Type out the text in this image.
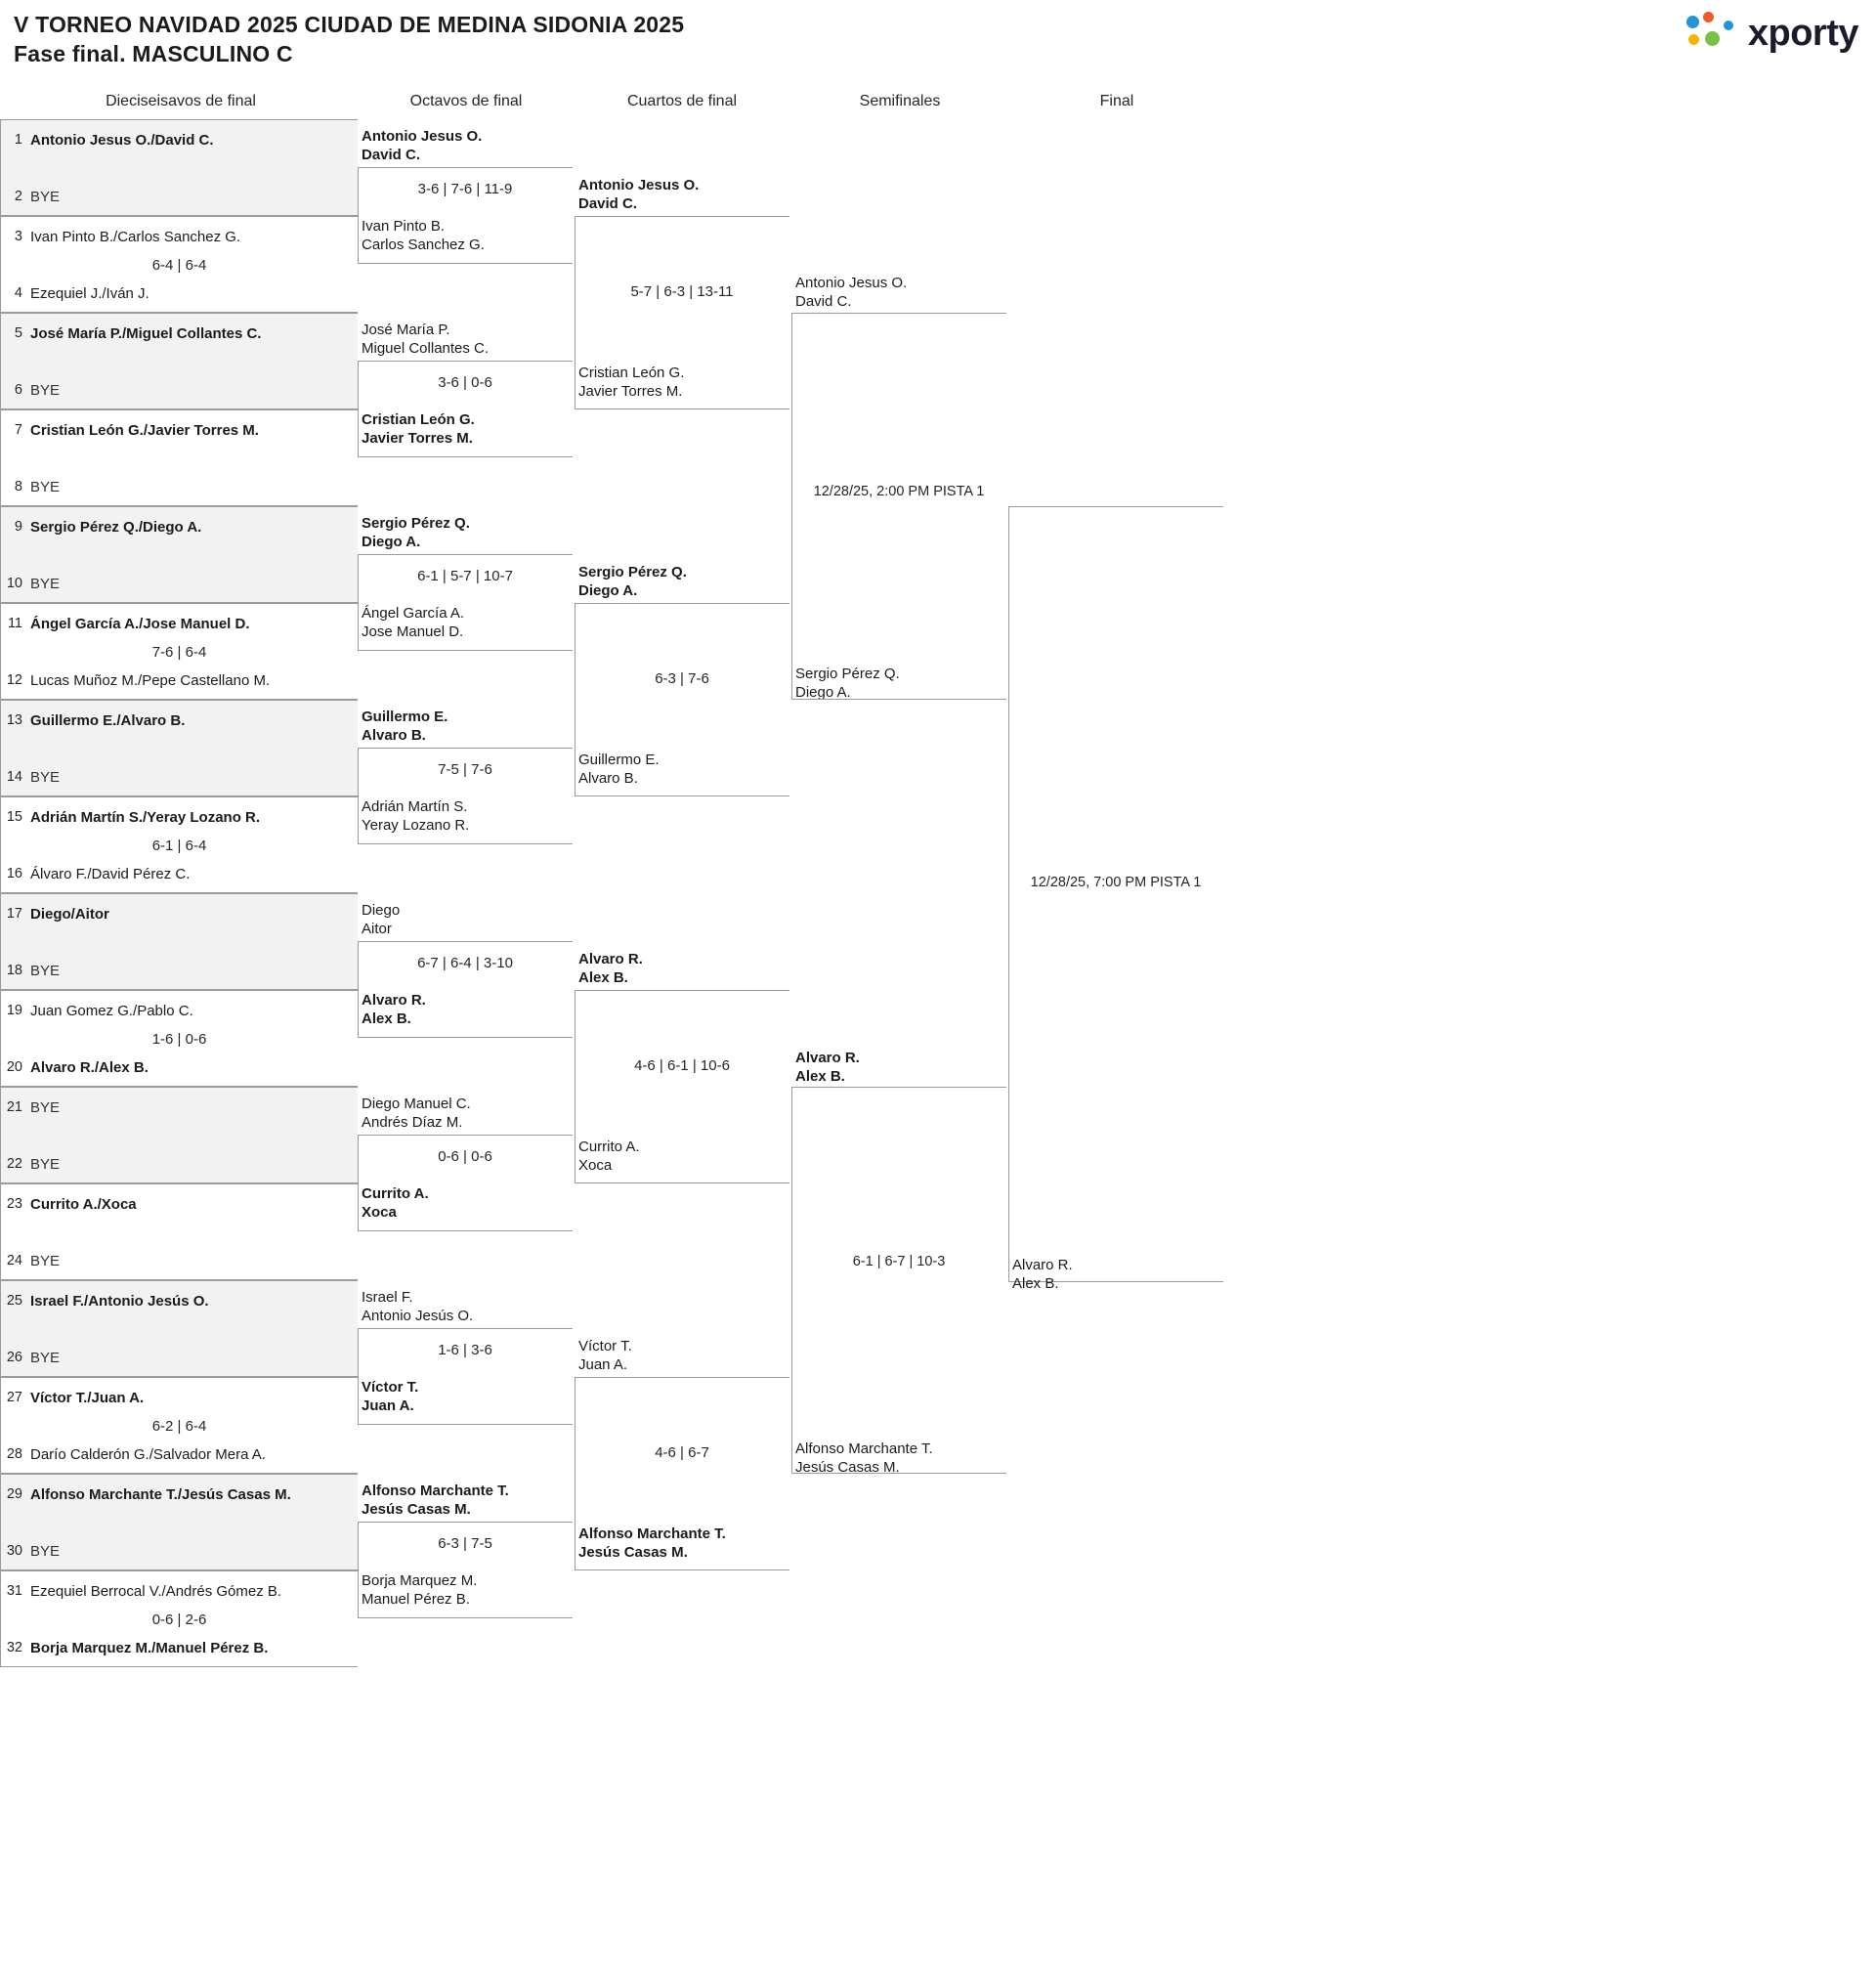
V TORNEO NAVIDAD 2025 CIUDAD DE MEDINA SIDONIA 2025
Fase final. MASCULINO C	xporty
Dieciseisavos de final	Octavos de final	Cuartos de final	Semifinales	Final
1 Antonio Jesus O./David C.
2 BYE
3 Ivan Pinto B./Carlos Sanchez G.
6-4 | 6-4
4 Ezequiel J./Iván J.
5 José María P./Miguel Collantes C.
6 BYE
7 Cristian León G./Javier Torres M.
8 BYE
9 Sergio Pérez Q./Diego A.
10 BYE
11 Ángel García A./Jose Manuel D.
7-6 | 6-4
12 Lucas Muñoz M./Pepe Castellano M.
13 Guillermo E./Alvaro B.
14 BYE
15 Adrián Martín S./Yeray Lozano R.
6-1 | 6-4
16 Álvaro F./David Pérez C.
17 Diego/Aitor
18 BYE
19 Juan Gomez G./Pablo C.
1-6 | 0-6
20 Alvaro R./Alex B.
21 BYE
22 BYE
23 Currito A./Xoca
24 BYE
25 Israel F./Antonio Jesús O.
26 BYE
27 Víctor T./Juan A.
6-2 | 6-4
28 Darío Calderón G./Salvador Mera A.
29 Alfonso Marchante T./Jesús Casas M.
30 BYE
31 Ezequiel Berrocal V./Andrés Gómez B.
0-6 | 2-6
32 Borja Marquez M./Manuel Pérez B.
Antonio Jesus O.
David C.
3-6 | 7-6 | 11-9
Ivan Pinto B.
Carlos Sanchez G.
José María P.
Miguel Collantes C.
3-6 | 0-6
Cristian León G.
Javier Torres M.
Sergio Pérez Q.
Diego A.
6-1 | 5-7 | 10-7
Ángel García A.
Jose Manuel D.
Guillermo E.
Alvaro B.
7-5 | 7-6
Adrián Martín S.
Yeray Lozano R.
Diego
Aitor
6-7 | 6-4 | 3-10
Alvaro R.
Alex B.
Diego Manuel C.
Andrés Díaz M.
0-6 | 0-6
Currito A.
Xoca
Israel F.
Antonio Jesús O.
1-6 | 3-6
Víctor T.
Juan A.
Alfonso Marchante T.
Jesús Casas M.
6-3 | 7-5
Borja Marquez M.
Manuel Pérez B.
Antonio Jesus O.
David C.
5-7 | 6-3 | 13-11
Cristian León G.
Javier Torres M.
Sergio Pérez Q.
Diego A.
6-3 | 7-6
Guillermo E.
Alvaro B.
Alvaro R.
Alex B.
4-6 | 6-1 | 10-6
Currito A.
Xoca
Víctor T.
Juan A.
4-6 | 6-7
Alfonso Marchante T.
Jesús Casas M.
Antonio Jesus O.
David C.
Sergio Pérez Q.
Diego A.
12/28/25, 2:00 PM PISTA 1
Alvaro R.
Alex B.
Alfonso Marchante T.
Jesús Casas M.
6-1 | 6-7 | 10-3	Alvaro R.
Alex B.
12/28/25, 7:00 PM PISTA 1
